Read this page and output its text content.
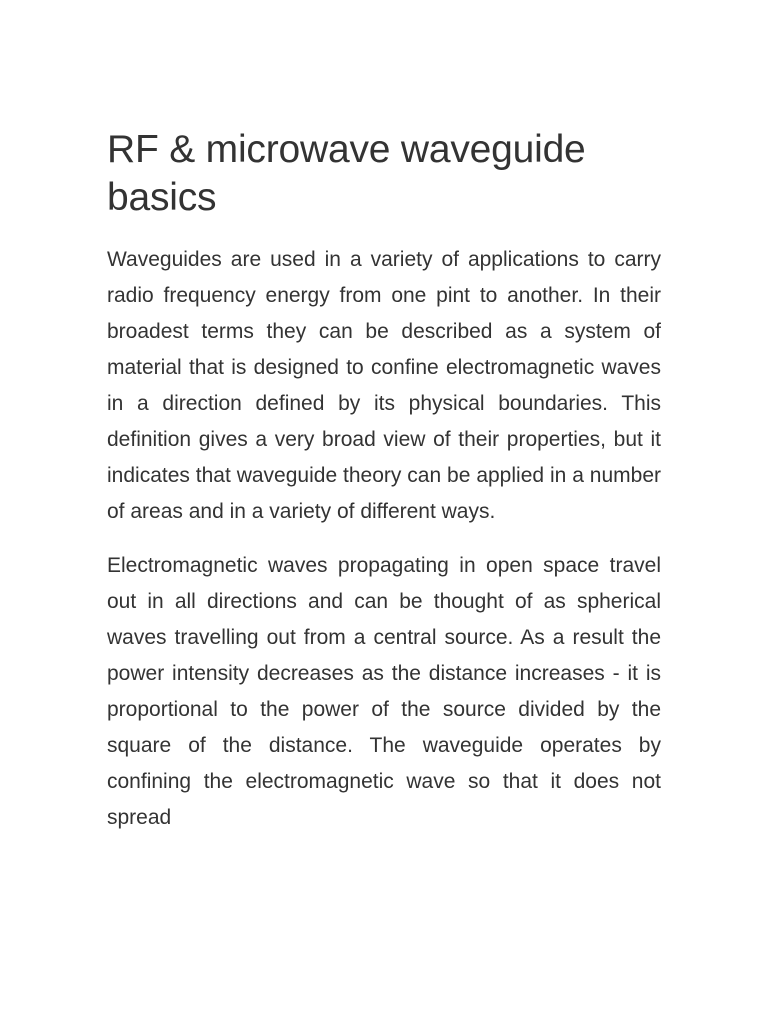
RF & microwave waveguide basics

Waveguides are used in a variety of applications to carry radio frequency energy from one pint to another. In their broadest terms they can be described as a system of material that is designed to confine electromagnetic waves in a direction defined by its physical boundaries. This definition gives a very broad view of their properties, but it indicates that waveguide theory can be applied in a number of areas and in a variety of different ways.

Electromagnetic waves propagating in open space travel out in all directions and can be thought of as spherical waves travelling out from a central source. As a result the power intensity decreases as the distance increases - it is proportional to the power of the source divided by the square of the distance. The waveguide operates by confining the electromagnetic wave so that it does not spread
